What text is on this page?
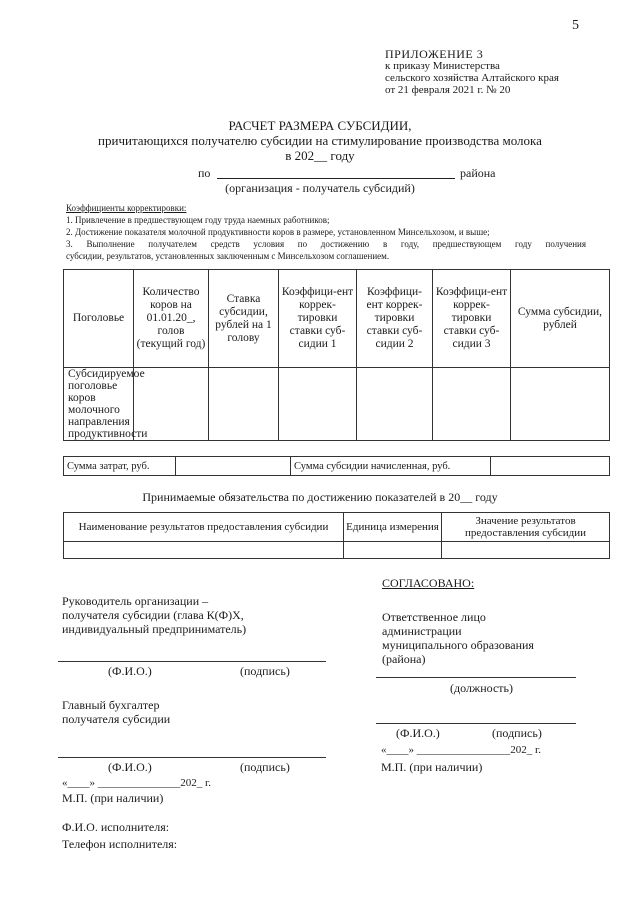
5
ПРИЛОЖЕНИЕ 3
к приказу Министерства
сельского хозяйства Алтайского края
от 21 февраля 2021 г. № 20
РАСЧЕТ РАЗМЕРА СУБСИДИИ,
причитающихся получателю субсидии на стимулирование производства молока
в 202__ году
по	района
(организация - получатель субсидий)
Коэффициенты корректировки:
1. Привлечение в предшествующем году труда наемных работников;
2. Достижение показателя молочной продуктивности коров в размере, установленном Минсельхозом, и выше;
3. Выполнение получателем средств условия по достижению в году, предшествующем году получения
субсидии, результатов, установленных заключенным с Минсельхозом соглашением.
Поголовье	Количество коров на 01.01.20_, голов (текущий год)	Ставка субсидии, рублей на 1 голову	Коэффици-ент коррек-тировки ставки суб-сидии 1	Коэффици-ент коррек-тировки ставки суб-сидии 2	Коэффици-ент коррек-тировки ставки суб-сидии 3	Сумма субсидии, рублей
Субсидируемое поголовье коров молочного направления продуктивности						
Сумма затрат, руб.		Сумма субсидии начисленная, руб.	
Принимаемые обязательства по достижению показателей в 20__ году
Наименование результатов предоставления субсидии	Единица измерения	Значение результатов предоставления субсидии

СОГЛАСОВАНО:
Руководитель организации –
получателя субсидии (глава К(Ф)Х,
индивидуальный предприниматель)
Ответственное лицо
администрации
муниципального образования
(района)
(Ф.И.О.)	(подпись)
(должность)
Главный бухгалтер
получателя субсидии
(Ф.И.О.)	(подпись)
«____» _________________202_ г.
(Ф.И.О.)	(подпись)	М.П. (при наличии)
«____» _______________202_ г.
М.П. (при наличии)
Ф.И.О. исполнителя:
Телефон исполнителя:
